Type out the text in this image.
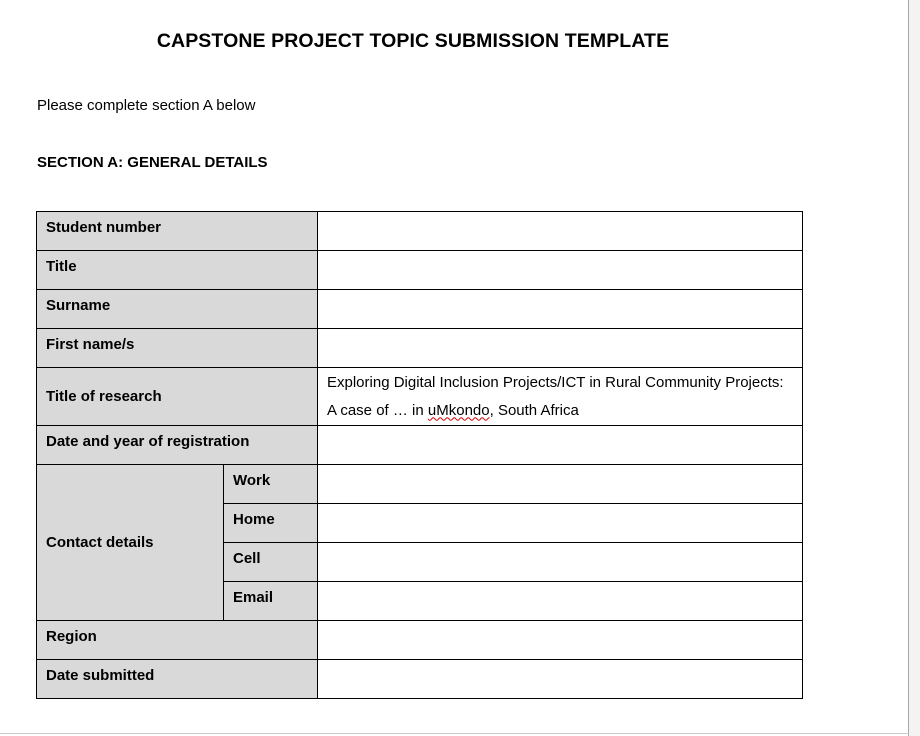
CAPSTONE PROJECT TOPIC SUBMISSION TEMPLATE
Please complete section A below
SECTION A: GENERAL DETAILS
Student number		
Title		
Surname		
First name/s		
Title of research		Exploring Digital Inclusion Projects/ICT in Rural Community Projects: A case of … in uMkondo, South Africa
Date and year of registration		
Contact details	Work	
	Home	
	Cell	
	Email	
Region		
Date submitted		
